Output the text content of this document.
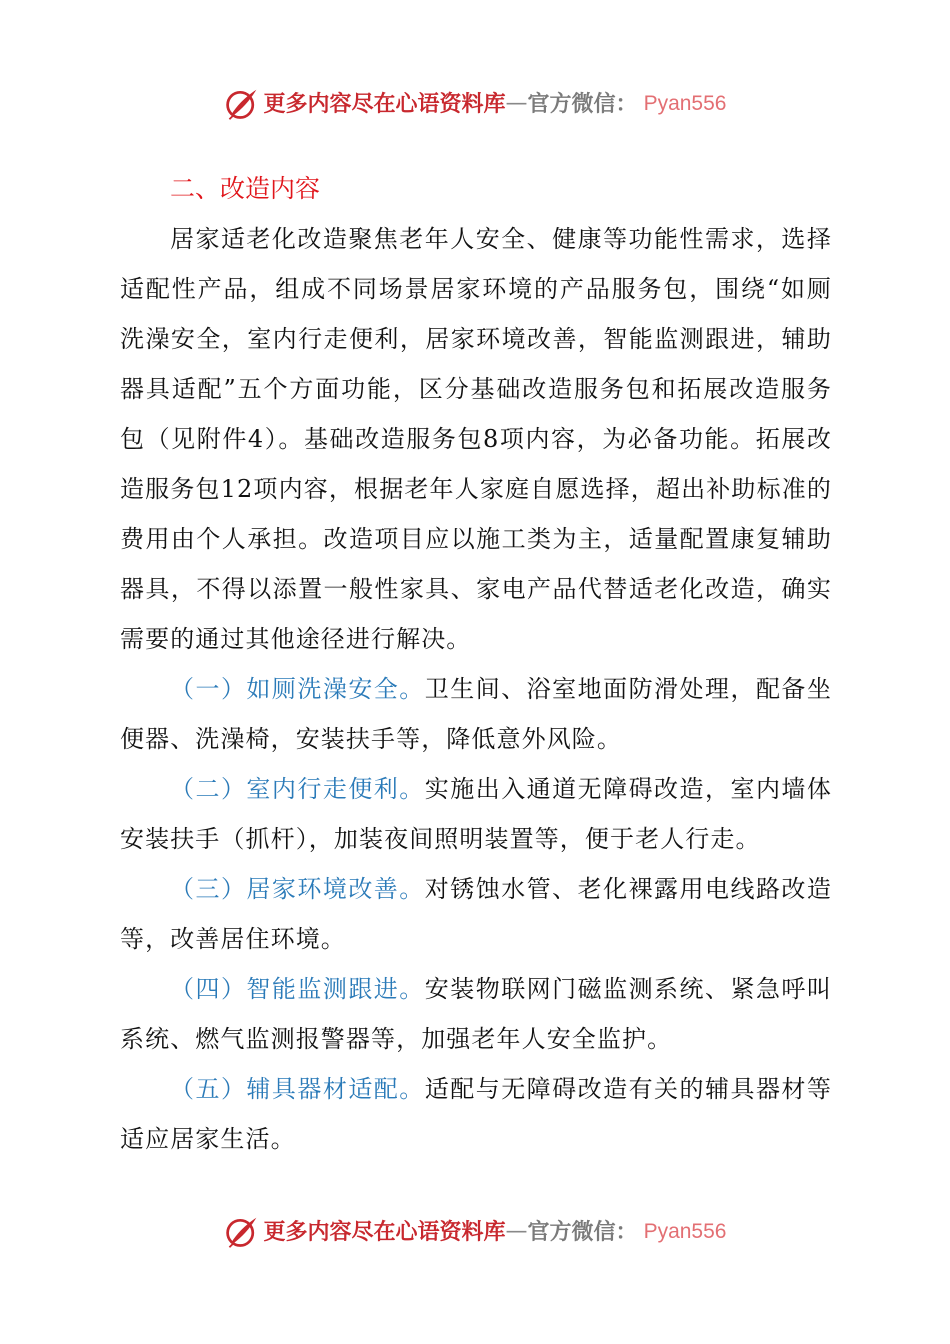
更多内容尽在心语资料库 — 官方微信： Pyan556
二、改造内容

居家适老化改造聚焦老年人安全、健康等功能性需求，选择适配性产品，组成不同场景居家环境的产品服务包，围绕“如厕洗澡安全，室内行走便利，居家环境改善，智能监测跟进，辅助器具适配”五个方面功能，区分基础改造服务包和拓展改造服务包（见附件4）。基础改造服务包8项内容，为必备功能。拓展改造服务包12项内容，根据老年人家庭自愿选择，超出补助标准的费用由个人承担。改造项目应以施工类为主，适量配置康复辅助器具，不得以添置一般性家具、家电产品代替适老化改造，确实需要的通过其他途径进行解决。

（一）如厕洗澡安全。卫生间、浴室地面防滑处理，配备坐便器、洗澡椅，安装扶手等，降低意外风险。

（二）室内行走便利。实施出入通道无障碍改造，室内墙体安装扶手（抓杆），加装夜间照明装置等，便于老人行走。

（三）居家环境改善。对锈蚀水管、老化裸露用电线路改造等，改善居住环境。

（四）智能监测跟进。安装物联网门磁监测系统、紧急呼叫系统、燃气监测报警器等，加强老年人安全监护。

（五）辅具器材适配。适配与无障碍改造有关的辅具器材等适应居家生活。

更多内容尽在心语资料库 — 官方微信： Pyan556
